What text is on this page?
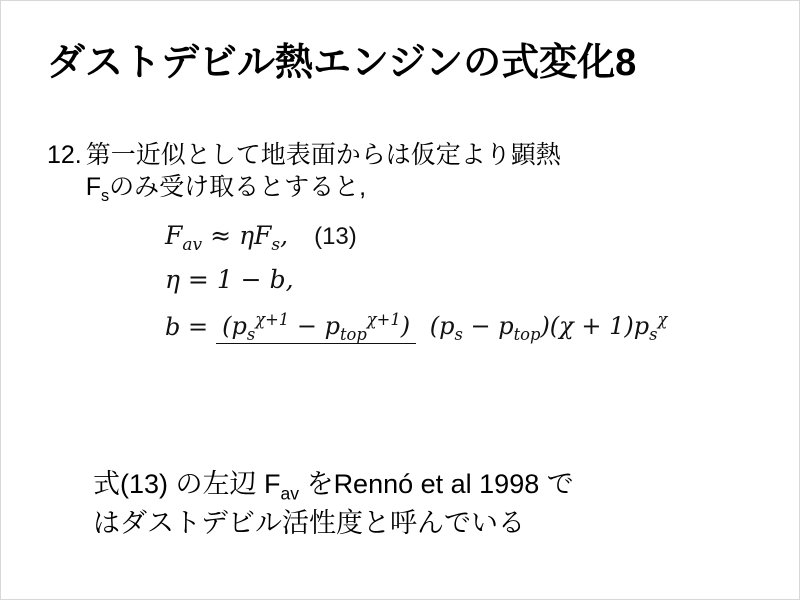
ダストデビル熱エンジンの式変化8
12. 第一近似として地表面からは仮定より顕熱
$F_s$のみ受け取るとすると,
$F_{av} \approx \eta F_s$, (13)
η = 1 − b,
$b = (p_s^{\chi+1} - p_{top}^{\chi+1}) (p_s - p_{top})(\chi + 1)p_s^\chi$
式(13) の左辺 $F_{av}$ をRennó et al 1998 で
はダストデビル活性度と呼んでいる
